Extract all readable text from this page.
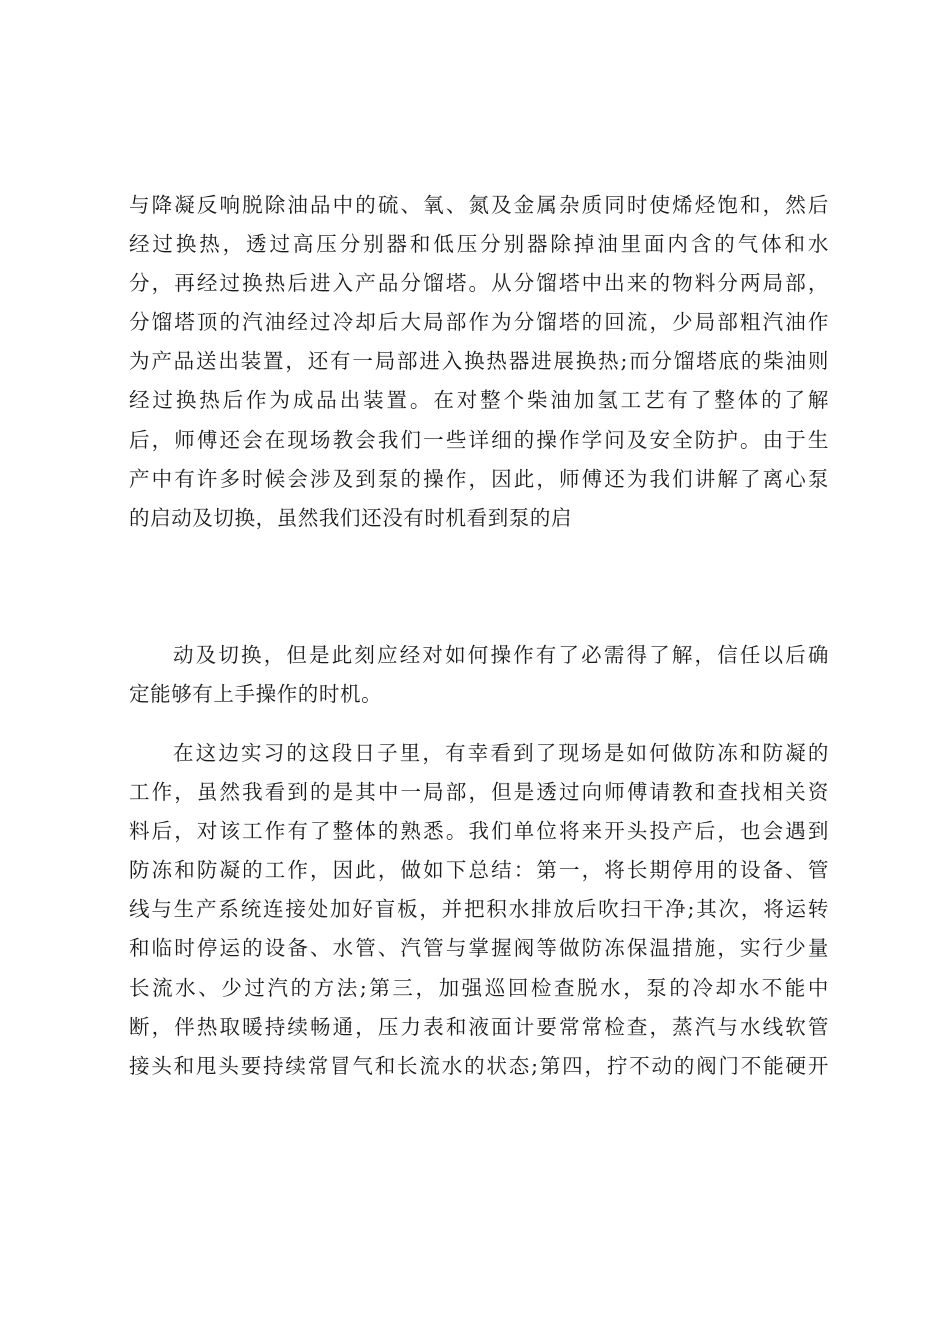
与降凝反响脱除油品中的硫、氧、氮及金属杂质同时使烯烃饱和，然后
经过换热，透过高压分别器和低压分别器除掉油里面内含的气体和水
分，再经过换热后进入产品分馏塔。从分馏塔中出来的物料分两局部，
分馏塔顶的汽油经过冷却后大局部作为分馏塔的回流，少局部粗汽油作
为产品送出装置，还有一局部进入换热器进展换热;而分馏塔底的柴油则
经过换热后作为成品出装置。在对整个柴油加氢工艺有了整体的了解
后，师傅还会在现场教会我们一些详细的操作学问及安全防护。由于生
产中有许多时候会涉及到泵的操作，因此，师傅还为我们讲解了离心泵
的启动及切换，虽然我们还没有时机看到泵的启
动及切换，但是此刻应经对如何操作有了必需得了解，信任以后确
定能够有上手操作的时机。
在这边实习的这段日子里，有幸看到了现场是如何做防冻和防凝的
工作，虽然我看到的是其中一局部，但是透过向师傅请教和查找相关资
料后，对该工作有了整体的熟悉。我们单位将来开头投产后，也会遇到
防冻和防凝的工作，因此，做如下总结：第一，将长期停用的设备、管
线与生产系统连接处加好盲板，并把积水排放后吹扫干净;其次，将运转
和临时停运的设备、水管、汽管与掌握阀等做防冻保温措施，实行少量
长流水、少过汽的方法;第三，加强巡回检查脱水，泵的冷却水不能中
断，伴热取暖持续畅通，压力表和液面计要常常检查，蒸汽与水线软管
接头和甩头要持续常冒气和长流水的状态;第四，拧不动的阀门不能硬开
